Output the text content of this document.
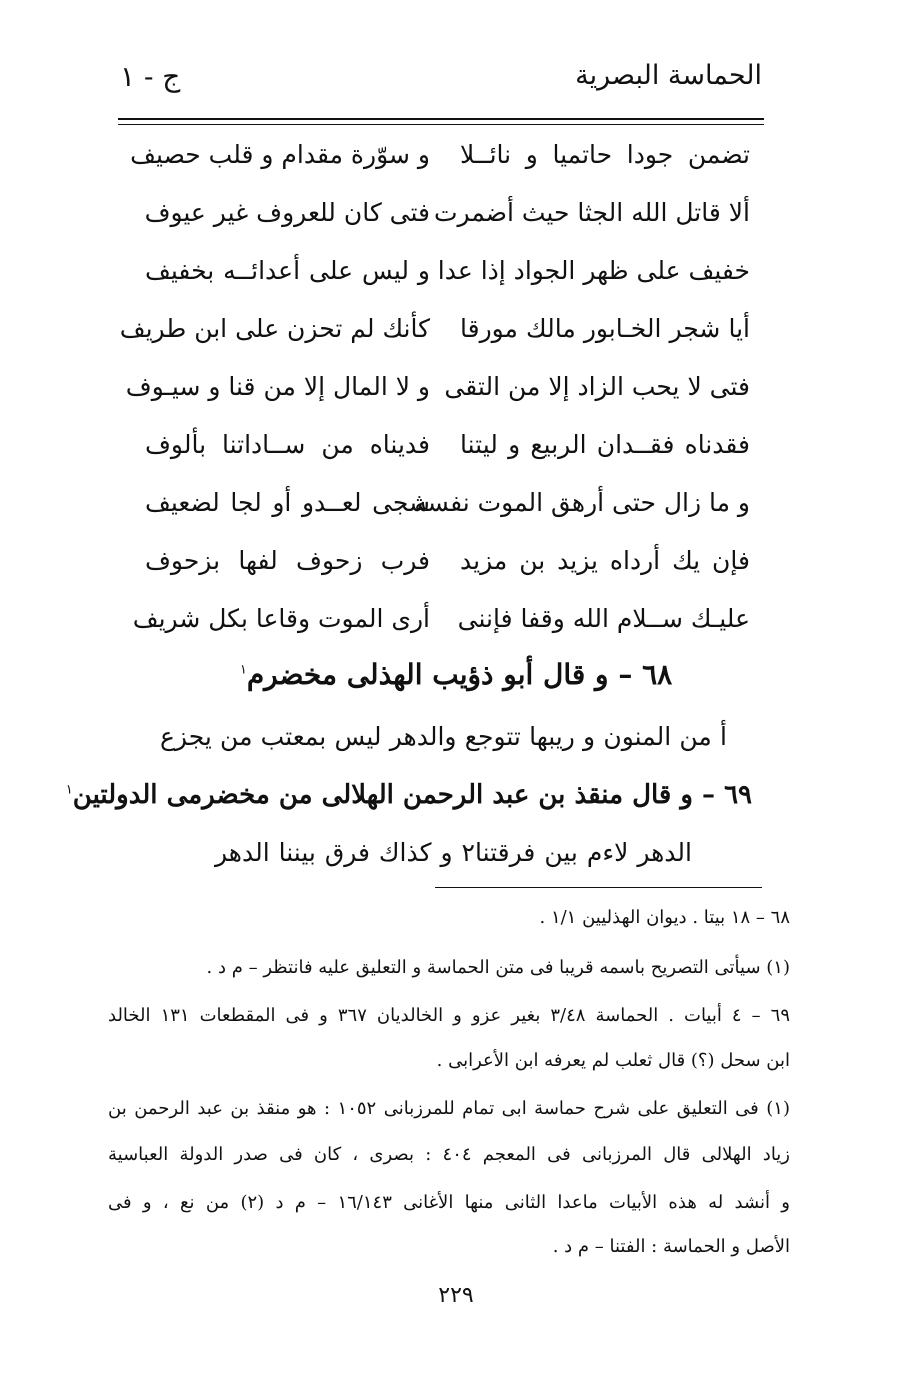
الحماسة البصرية
ج - ١
تضمن جودا حاتميا و نائــلا
و سوّرة مقدام و قلب حصيف
ألا قاتل الله الجثا حيث أضمرت
فتى كان للعروف غير عيوف
خفيف على ظهر الجواد إذا عدا
و ليس على أعدائــه بخفيف
أيا شجر الخـابور مالك مورقا
كأنك لم تحزن على ابن طريف
فتى لا يحب الزاد إلا من التقى
و لا المال إلا من قنا و سيـوف
فقدناه فقــدان الربيع و ليتنا
فديناه من ســاداتنا بألوف
و ما زال حتى أرهق الموت نفسه
شجى لعــدو أو لجا لضعيف
فإن يك أرداه يزيد بن مزيد
فرب زحوف لفها بزحوف
عليـك ســلام الله وقفا فإننى
أرى الموت وقاعا بكل شريف
٦٨ – و قال أبو ذؤيب الهذلى مخضرم$^١$
أ من المنون و ريبها تتوجع والدهر ليس بمعتب من يجزع
٦٩ – و قال منقذ بن عبد الرحمن الهلالى من مخضرمى الدولتين$^١$
الدهر لاءم بين فرقتنا٢ و كذاك فرق بيننا الدهر
٦٨ – ١٨ بيتا . ديوان الهذليين ١/١ .
(١) سيأتى التصريح باسمه قريبا فى متن الحماسة و التعليق عليه فانتظر – م د .
٦٩ – ٤ أبيات . الحماسة ٣/٤٨ بغير عزو و الخالديان ٣٦٧ و فى المقطعات ١٣١ الخالد
ابن سحل (؟) قال ثعلب لم يعرفه ابن الأعرابى .
(١) فى التعليق على شرح حماسة ابى تمام للمرزبانى ١٠٥٢ : هو منقذ بن عبد الرحمن بن
زياد الهلالى قال المرزبانى فى المعجم ٤٠٤ : بصرى ، كان فى صدر الدولة العباسية
و أنشد له هذه الأبيات ماعدا الثانى منها الأغانى ١٦/١٤٣ – م د (٢) من نع ، و فى
الأصل و الحماسة : الفتنا – م د .
٢٢٩
